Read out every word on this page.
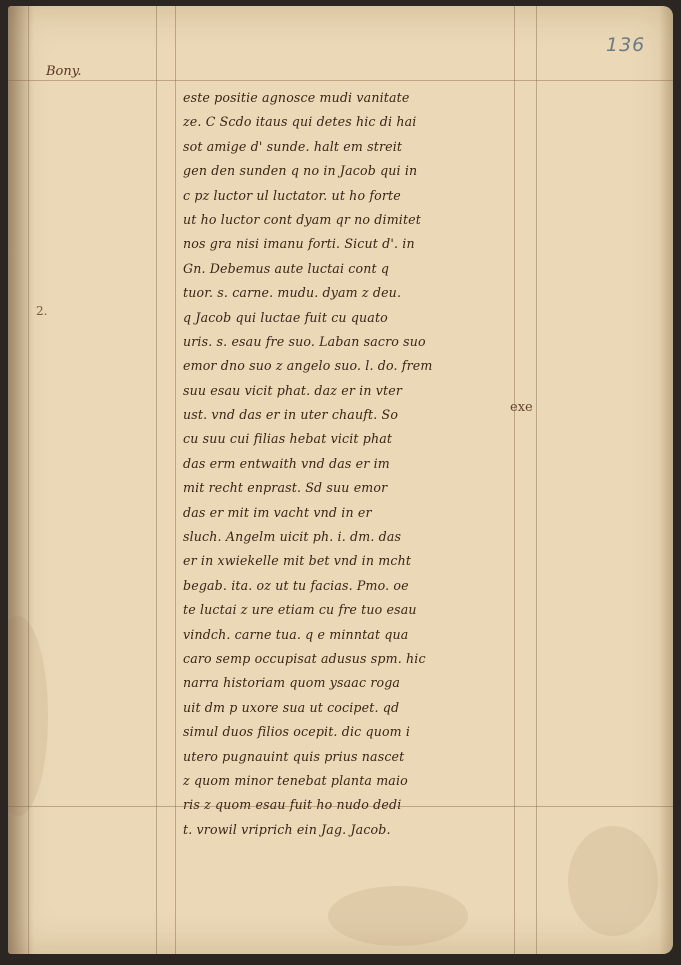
136
Bony.
2.
exe
este positie agnosce mudi vanitate
ze. C Scdo itaus qui detes hic di hai
sot amige d' sunde. halt em streit
gen den sunden q no in Jacob qui in
c pz luctor ul luctator. ut ho forte
ut ho luctor cont dyam qr no dimitet
nos gra nisi imanu forti. Sicut d'. in
Gn. Debemus aute luctai cont q
tuor. s. carne. mudu. dyam z deu.
q Jacob qui luctae fuit cu quato
uris. s. esau fre suo. Laban sacro suo
emor dno suo z angelo suo. l. do. frem
suu esau vicit phat. daz er in vter
ust. vnd das er in uter chauft. So
cu suu cui filias hebat vicit phat
das erm entwaith vnd das er im
mit recht enprast. Sd suu emor
das er mit im vacht vnd in er
sluch. Angelm uicit ph. i. dm. das
er in xwiekelle mit bet vnd in mcht
begab. ita. oz ut tu facias. Pmo. oe
te luctai z ure etiam cu fre tuo esau
vindch. carne tua. q e minntat qua
caro semp occupisat adusus spm. hic
narra historiam quom ysaac roga
uit dm p uxore sua ut cocipet. qd
simul duos filios ocepit. dic quom i
utero pugnauint quis prius nascet
z quom minor tenebat planta maio
ris z quom esau fuit ho nudo dedi
t. vrowil vriprich ein Jag. Jacob.
